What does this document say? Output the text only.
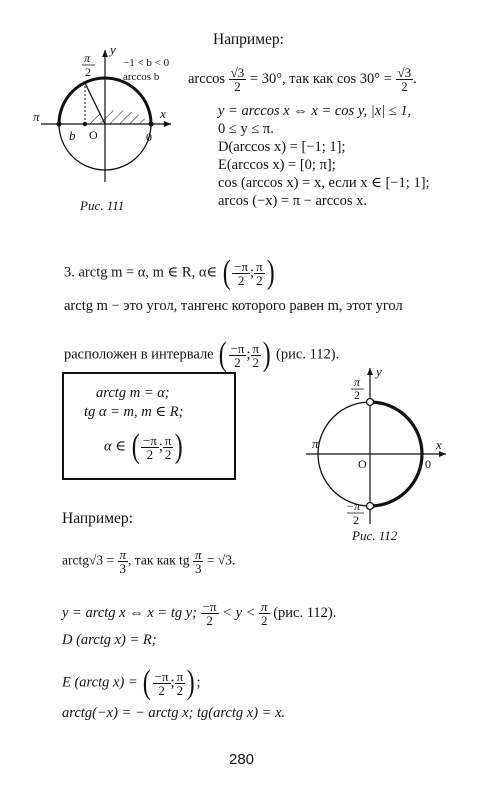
Например:
π
2
y
−1 < b < 0
arccos b
π	x
b O	0
Рис. 111
$\arccos \frac{√3}{2} = 30^\circ$, так как $\cos 30^\circ = \frac{√3}{2}$ .
y = arccos x ⇔ x = cos y, |x| ≤ 1,
0 ≤ y ≤ π.
D(arccos x) = [−1; 1];
E(arccos x) = [0; π];
cos (arccos x) = x, если x ∈ [−1; 1];
arcos (−x) = π − arccos x.
3. arctg m = α, m ∈ R, α∈ ( $\frac{-\pi}{2}$ ; $\frac{\pi}{2}$ )
arctg m − это угол, тангенс которого равен m, этот угол
расположен в интервале ( $\frac{-\pi}{2}$ ; $\frac{\pi}{2}$ ) (рис. 112).
arctg m = α;
tg α = m, m ∈ R;
α ∈ ( $\frac{-\pi}{2}$ ; $\frac{\pi}{2}$ )
y
π
2
π	x
O	0
−π
2
Рис. 112
Например:
arctg√3 = $\frac{\pi}{3}$ , так как tg $\frac{\pi}{3} = √3$.
y = arctg x ⇔ x = tg y; $\frac{-\pi}{2} < y < \frac{\pi}{2} (рис$. 112).
D (arctg x) = R;
E (arctg x) = ( $\frac{-\pi}{2}$ ; $\frac{\pi}{2}$ ) ;
arctg(−x) = − arctg x; tg(arctg x) = x.
280
